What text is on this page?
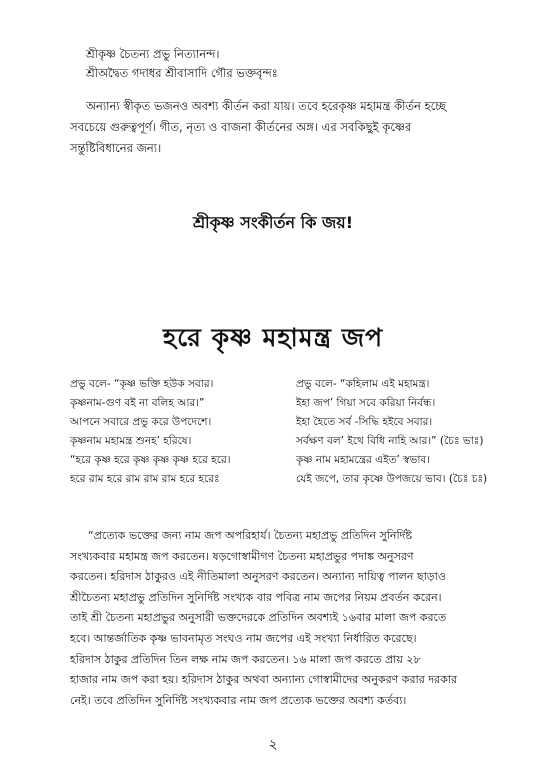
শ্রীকৃষ্ণ চৈতন্য প্রভু নিত্যানন্দ।
শ্রীঅদ্বৈত গদাধর শ্রীবাসাদি গৌর ভক্তবৃন্দঃ
অন্যান্য স্বীকৃত ভজনও অবশ্য কীর্তন করা যায়। তবে হরেকৃষ্ণ মহামন্ত্র কীর্তন হচ্ছে
সবচেয়ে গুরুত্বপূর্ণ। গীত, নৃত্য ও বাজনা কীর্তনের অঙ্গ। এর সবকিছুই কৃষ্ণের
সন্তুষ্টিবিধানের জন্য।
শ্রীকৃষ্ণ সংকীর্তন কি জয়!
হরে কৃষ্ণ মহামন্ত্র জপ
প্রভু বলে- “কৃষ্ণ ভক্তি হউক সবার।
কৃষ্ণনাম-গুণ বই না বলিহ আর।”
আপনে সবারে প্রভু করে উপদেশে।
কৃষ্ণনাম মহামন্ত্র শুনহ’ হরিষে।
“হরে কৃষ্ণ হরে কৃষ্ণ কৃষ্ণ কৃষ্ণ হরে হরে।
হরে রাম হরে রাম রাম রাম হরে হরেঃ
প্রভু বলে- “কহিলাম এই মহামন্ত্র।
ইহা জপ’ গিয়া সবে করিয়া নির্বন্ধ।
ইহা হৈতে সর্ব -সিদ্ধি হইবে সবার।
সর্বক্ষণ বল’ ইথে বিধি নাহি আর।” (চৈঃ ভাঃ)
কৃষ্ণ নাম মহামন্ত্রের এইত’ স্বভাব।
যেই জপে, তার কৃষ্ণে উপজয়ে ভাব। (চৈঃ চঃ)
“প্রত্যেক ভক্তের জন্য নাম জপ অপরিহার্য। চৈতন্য মহাপ্রভু প্রতিদিন সুনির্দিষ্ট
সংখ্যকবার মহামন্ত্র জপ করতেন। ষড়গোস্বামীগণ চৈতন্য মহাপ্রভুর পদাঙ্ক অনুসরণ
করতেন। হরিদাস ঠাকুরও এই নীতিমালা অনুসরণ করতেন। অন্যান্য দায়িত্ব পালন ছাড়াও
শ্রীচৈতন্য মহাপ্রভু প্রতিদিন সুনির্দিষ্ট সংখ্যক বার পবিত্র নাম জপের নিয়ম প্রবর্তন করেন।
তাই শ্রী চৈতন্য মহাপ্রভুর অনুসারী ভক্তদেরকে প্রতিদিন অবশ্যই ১৬বার মালা জপ করতে
হবে। আন্তর্জাতিক কৃষ্ণ ভাবনামৃত সংঘও নাম জপের এই সংখ্যা নির্ধারিত করেছে।
হরিদাস ঠাকুর প্রতিদিন তিন লক্ষ নাম জপ করতেন। ১৬ মালা জপ করতে প্রায় ২৮
হাজার নাম জপ করা হয়। হরিদাস ঠাকুর অথবা অন্যান্য গোস্বামীদের অনুকরণ করার দরকার
নেই। তবে প্রতিদিন সুনির্দিষ্ট সংখ্যকবার নাম জপ প্রত্যেক ভক্তের অবশ্য কর্তব্য।
২
